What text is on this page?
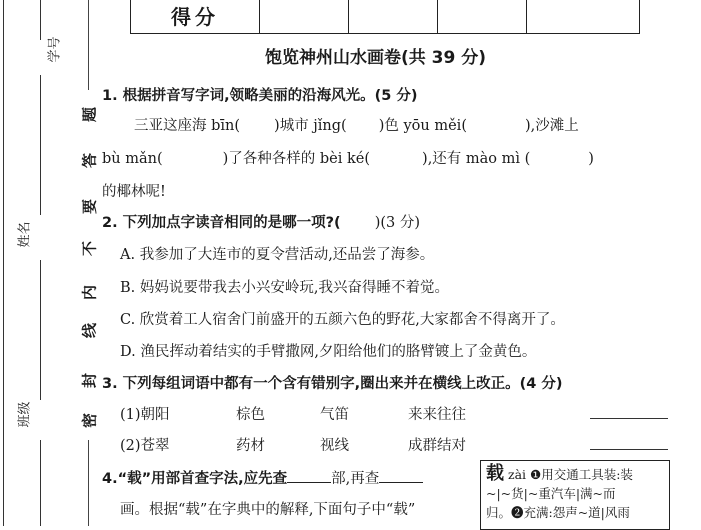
学号
姓名
班级
题
答
要
不
内
线
封
密
得分				
饱览神州山水画卷(共 39 分)
1. 根据拼音写字词,领略美丽的沿海风光。(5 分)
三亚这座海 bīn( )城市 jǐng( )色 yōu měi(	),沙滩上
bù mǎn(	)了各种各样的 bèi ké(	),还有 mào mì (	)
的椰林呢!
2. 下列加点字读音相同的是哪一项?( )(3 分)
A. 我参加了大连市的夏令营活动,还品尝了海参。
B. 妈妈说要带我去小兴安岭玩,我兴奋得睡不着觉。
C. 欣赏着工人宿舍门前盛开的五颜六色的野花,大家都舍不得离开了。
D. 渔民挥动着结实的手臂撒网,夕阳给他们的胳臂镀上了金黄色。
3. 下列每组词语中都有一个含有错别字,圈出来并在横线上改正。(4 分)
(1)朝阳	棕色	气笛	来来往往
(2)苍翠	药材	视线	成群结对
4.“载”用部首查字法,应先查	部,再查
画。根据“载”在字典中的解释,下面句子中“载”
载 zài ❶用交通工具装:装
~|~货|~重汽车|满~而
归。❷充满:怨声~道|风雨
